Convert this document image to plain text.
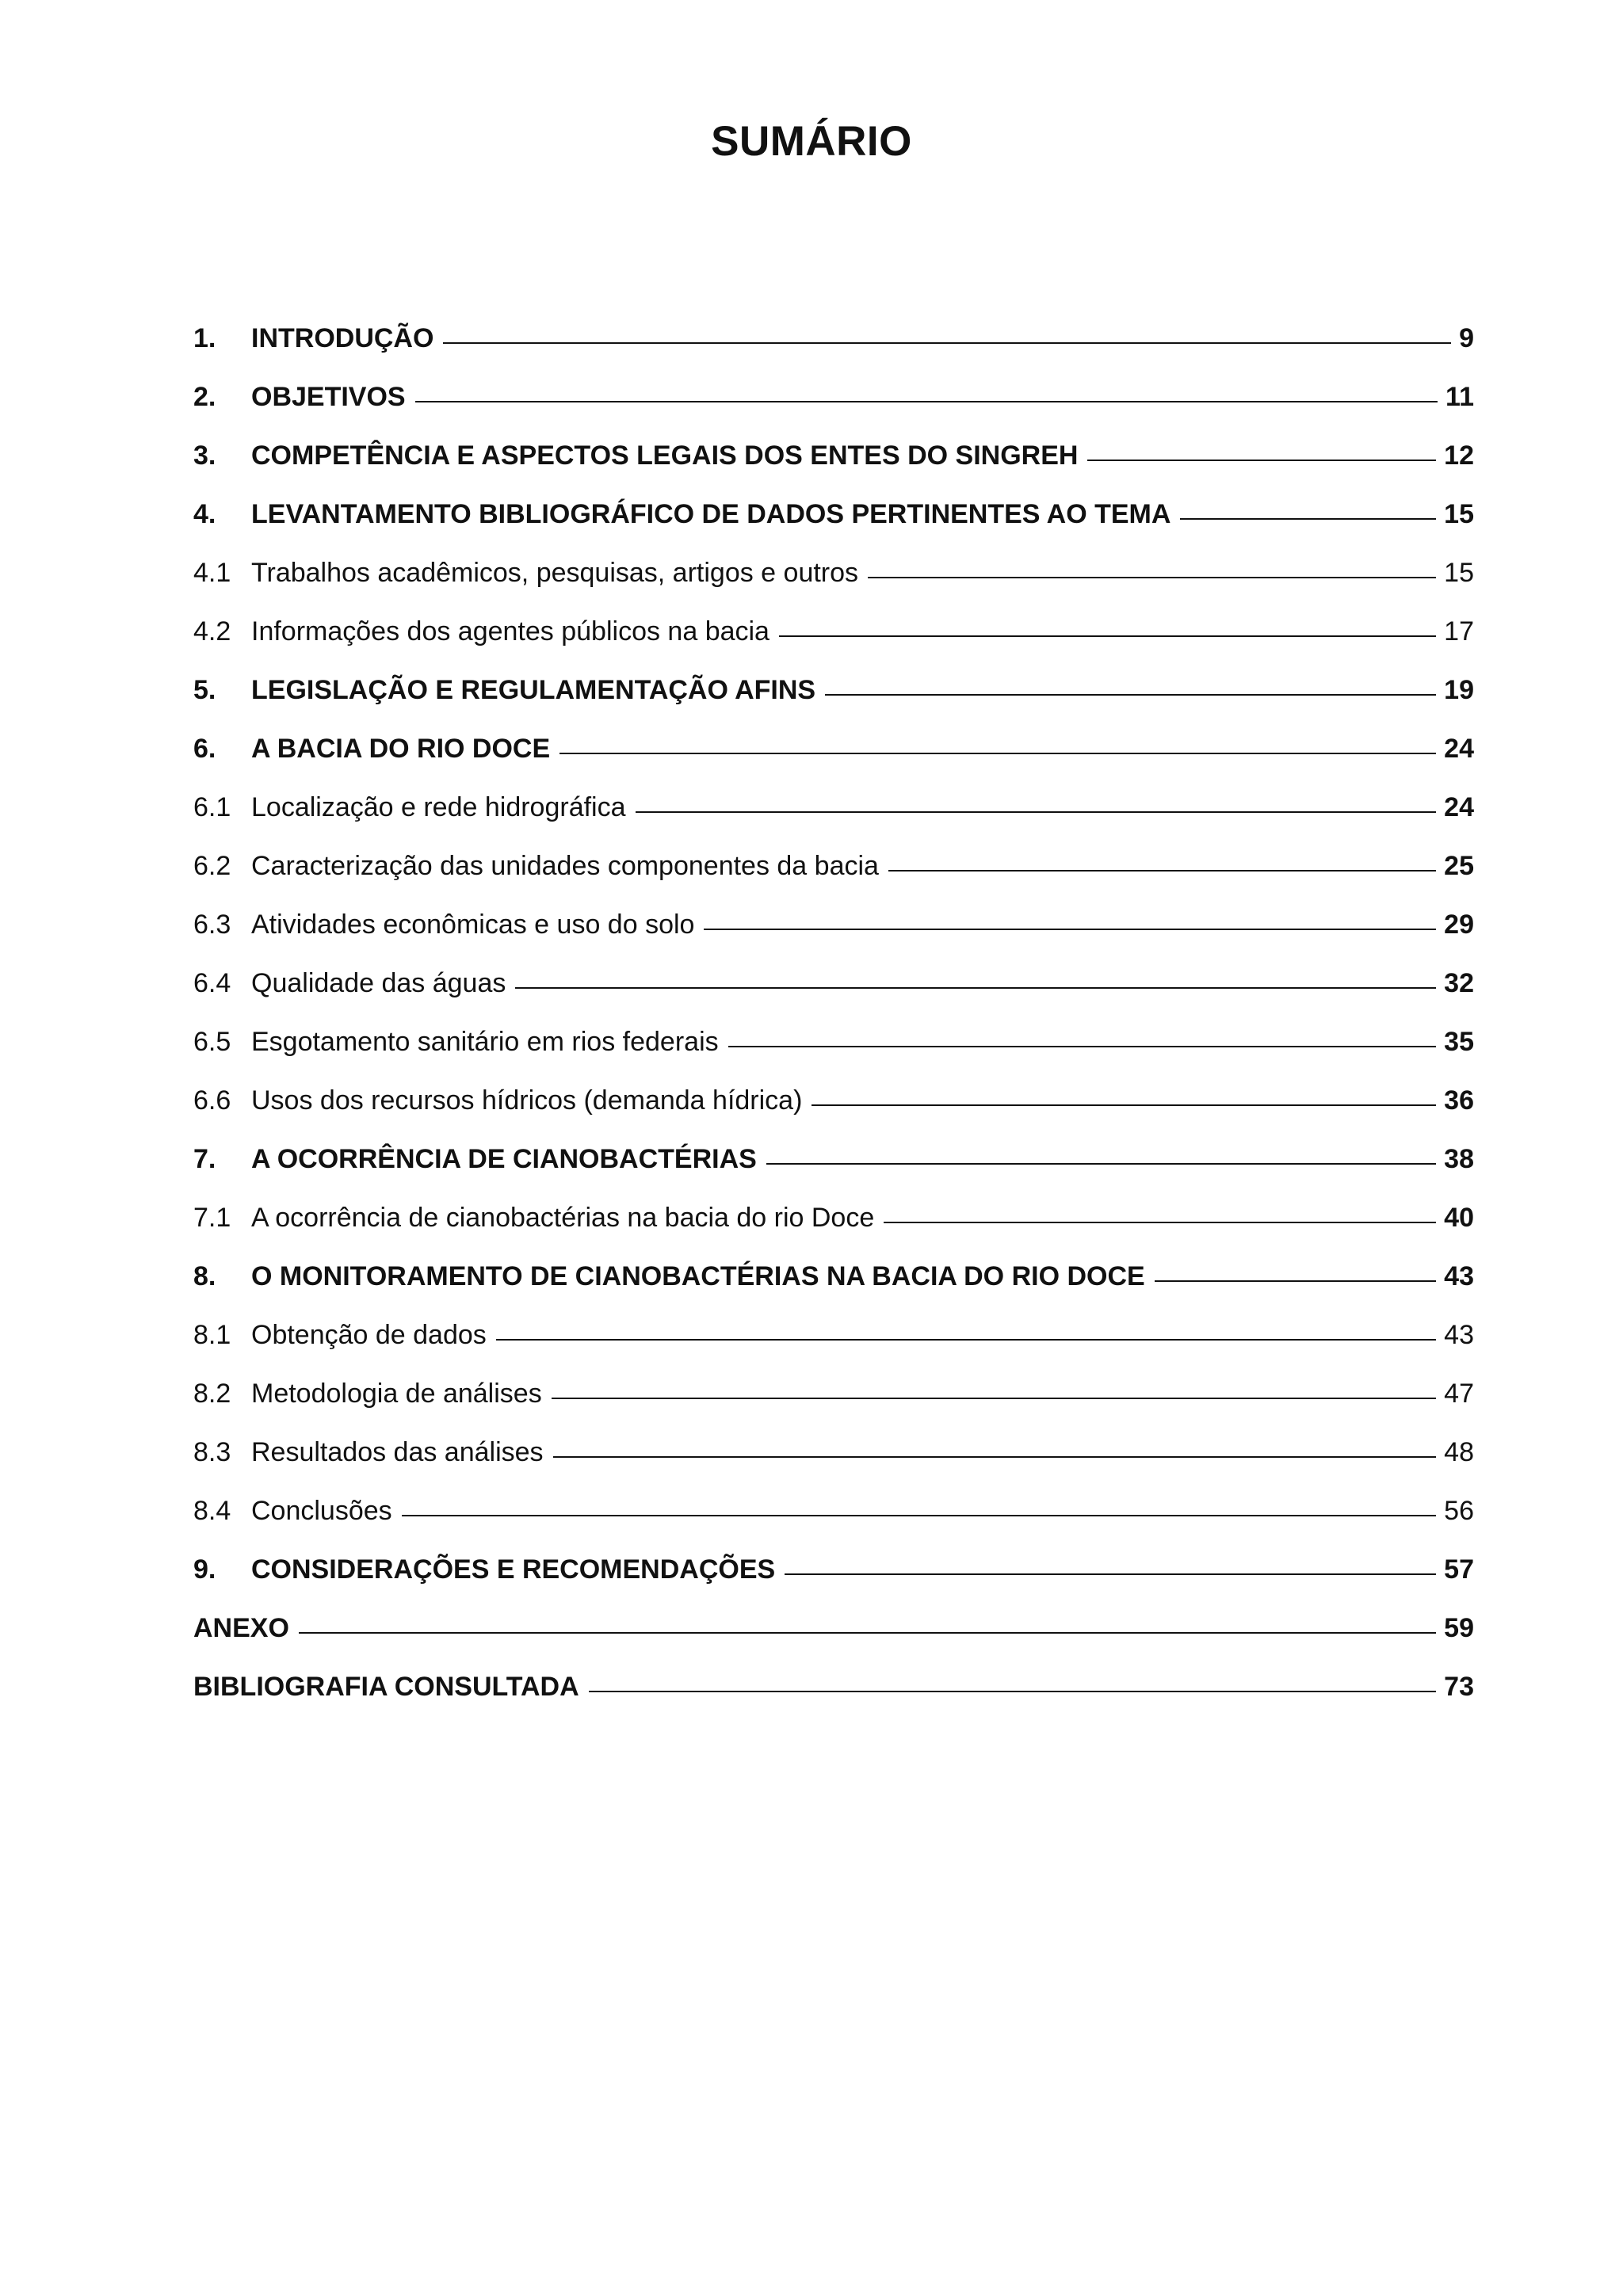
SUMÁRIO
1.	INTRODUÇÃO	9
2.	OBJETIVOS	11
3.	COMPETÊNCIA E ASPECTOS LEGAIS DOS ENTES DO SINGREH	12
4.	LEVANTAMENTO BIBLIOGRÁFICO DE DADOS PERTINENTES AO TEMA	15
4.1 Trabalhos acadêmicos, pesquisas, artigos e outros	15
4.2 Informações dos agentes públicos na bacia	17
5.	LEGISLAÇÃO E REGULAMENTAÇÃO AFINS	19
6.	A BACIA DO RIO DOCE	24
6.1 Localização e rede hidrográfica	24
6.2 Caracterização das unidades componentes da bacia	25
6.3 Atividades econômicas e uso do solo	29
6.4 Qualidade das águas	32
6.5 Esgotamento sanitário em rios federais	35
6.6 Usos dos recursos hídricos (demanda hídrica)	36
7.	A OCORRÊNCIA DE CIANOBACTÉRIAS	38
7.1 A ocorrência de cianobactérias na bacia do rio Doce	40
8.	O MONITORAMENTO DE CIANOBACTÉRIAS NA BACIA DO RIO DOCE	43
8.1 Obtenção de dados	43
8.2 Metodologia de análises	47
8.3 Resultados das análises	48
8.4 Conclusões	56
9.	CONSIDERAÇÕES E RECOMENDAÇÕES	57
ANEXO	59
BIBLIOGRAFIA CONSULTADA	73
